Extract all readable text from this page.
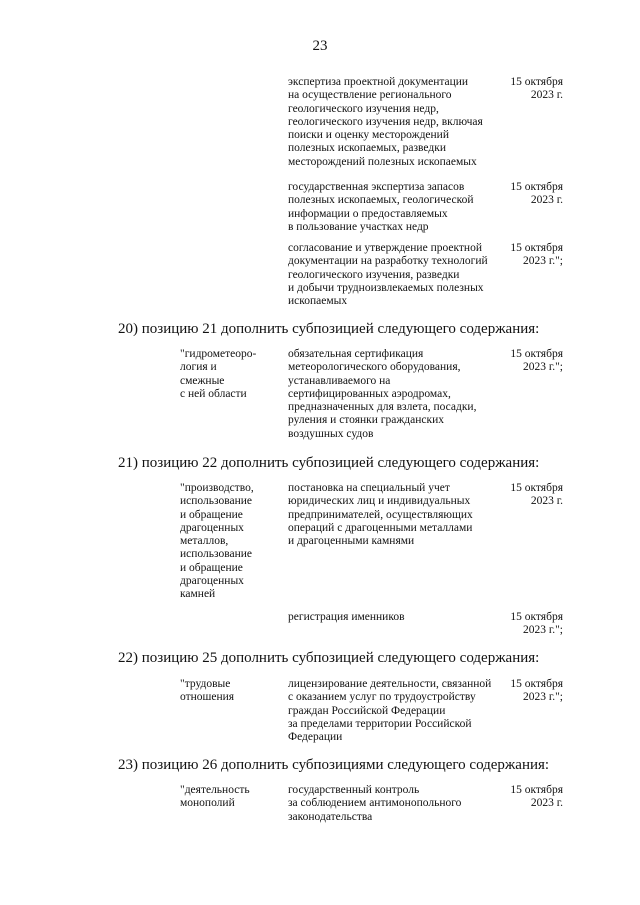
23
экспертиза проектной документации
на осуществление регионального
геологического изучения недр,
геологического изучения недр, включая
поиски и оценку месторождений
полезных ископаемых, разведки
месторождений полезных ископаемых
15 октября
2023 г.
государственная экспертиза запасов
полезных ископаемых, геологической
информации о предоставляемых
в пользование участках недр
15 октября
2023 г.
согласование и утверждение проектной
документации на разработку технологий
геологического изучения, разведки
и добычи трудноизвлекаемых полезных
ископаемых
15 октября
2023 г.";
20) позицию 21 дополнить субпозицией следующего содержания:
"гидрометеоро-
логия и смежные
с ней области
обязательная сертификация
метеорологического оборудования,
устанавливаемого на
сертифицированных аэродромах,
предназначенных для взлета, посадки,
руления и стоянки гражданских
воздушных судов
15 октября
2023 г.";
21) позицию 22 дополнить субпозицией следующего содержания:
"производство,
использование
и обращение
драгоценных
металлов,
использование
и обращение
драгоценных
камней
постановка на специальный учет
юридических лиц и индивидуальных
предпринимателей, осуществляющих
операций с драгоценными металлами
и драгоценными камнями
15 октября
2023 г.
регистрация именников	15 октября
2023 г.";
22) позицию 25 дополнить субпозицией следующего содержания:
"трудовые
отношения
лицензирование деятельности, связанной
с оказанием услуг по трудоустройству
граждан Российской Федерации
за пределами территории Российской
Федерации
15 октября
2023 г.";
23) позицию 26 дополнить субпозициями следующего содержания:
"деятельность
монополий
государственный контроль
за соблюдением антимонопольного
законодательства
15 октября
2023 г.
